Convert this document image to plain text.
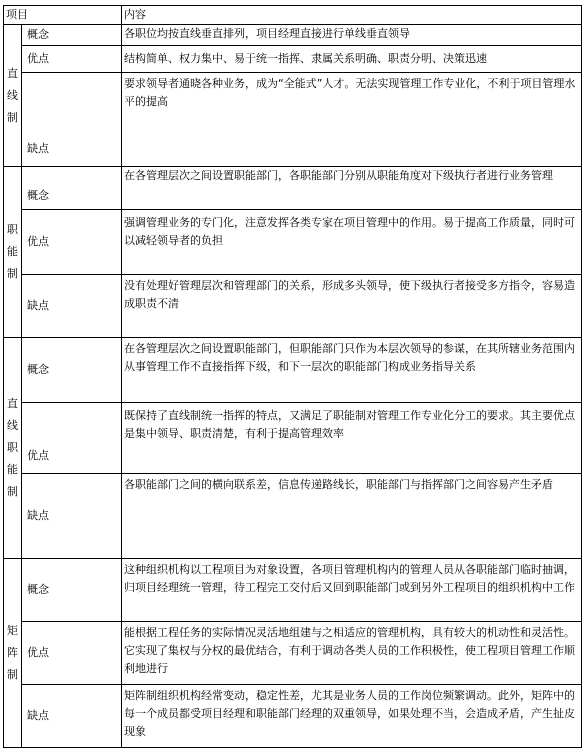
项目		内容
直线制	概念	各职位均按直线垂直排列，项目经理直接进行单线垂直领导
	优点	结构简单、权力集中、易于统一指挥、隶属关系明确、职责分明、决策迅速
	缺点	要求领导者通晓各种业务，成为“全能式”人才。无法实现管理工作专业化，不利于项目管理水平的提高
职能制	概念	在各管理层次之间设置职能部门，各职能部门分别从职能角度对下级执行者进行业务管理
	优点	强调管理业务的专门化，注意发挥各类专家在项目管理中的作用。易于提高工作质量，同时可以减轻领导者的负担
	缺点	没有处理好管理层次和管理部门的关系，形成多头领导，使下级执行者接受多方指令，容易造成职责不清
直线职能制	概念	在各管理层次之间设置职能部门，但职能部门只作为本层次领导的参谋，在其所辖业务范围内从事管理工作不直接指挥下级，和下一层次的职能部门构成业务指导关系
	优点	既保持了直线制统一指挥的特点，又满足了职能制对管理工作专业化分工的要求。其主要优点是集中领导、职责清楚，有利于提高管理效率
	缺点	各职能部门之间的横向联系差，信息传递路线长，职能部门与指挥部门之间容易产生矛盾
矩阵制	概念	这种组织机构以工程项目为对象设置，各项目管理机构内的管理人员从各职能部门临时抽调，归项目经理统一管理，待工程完工交付后又回到职能部门或到另外工程项目的组织机构中工作
	优点	能根据工程任务的实际情况灵活地组建与之相适应的管理机构，具有较大的机动性和灵活性。它实现了集权与分权的最优结合，有利于调动各类人员的工作积极性，使工程项目管理工作顺利地进行
	缺点	矩阵制组织机构经常变动，稳定性差，尤其是业务人员的工作岗位频繁调动。此外，矩阵中的每一个成员都受项目经理和职能部门经理的双重领导，如果处理不当，会造成矛盾，产生扯皮现象
